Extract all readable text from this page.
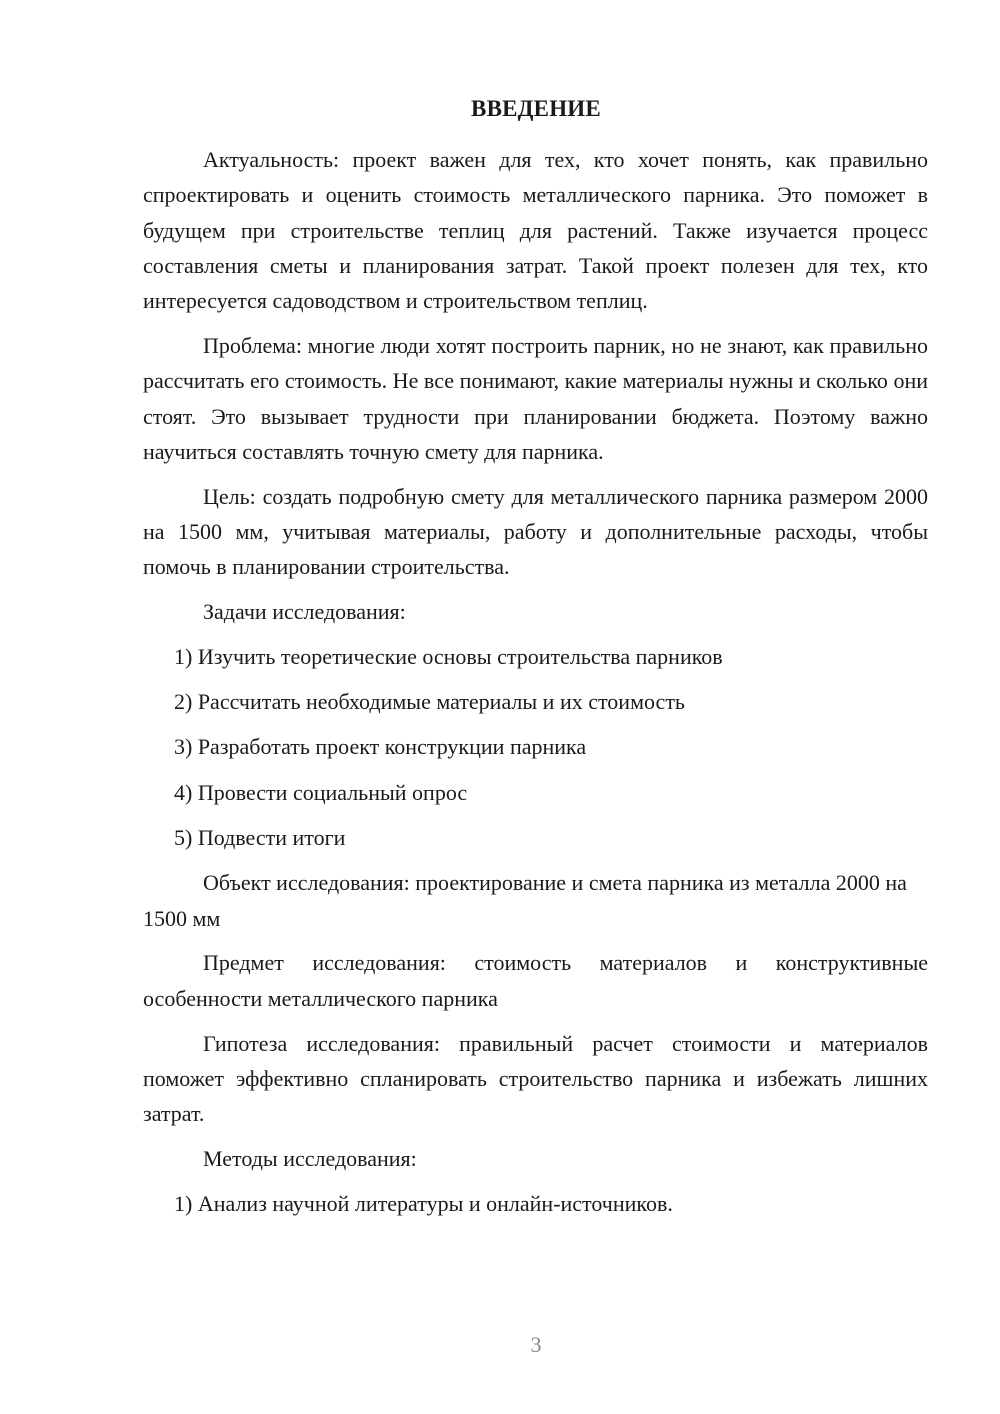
ВВЕДЕНИЕ

Актуальность: проект важен для тех, кто хочет понять, как правильно спроектировать и оценить стоимость металлического парника. Это поможет в будущем при строительстве теплиц для растений. Также изучается процесс составления сметы и планирования затрат. Такой проект полезен для тех, кто интересуется садоводством и строительством теплиц.

Проблема: многие люди хотят построить парник, но не знают, как правильно рассчитать его стоимость. Не все понимают, какие материалы нужны и сколько они стоят. Это вызывает трудности при планировании бюджета. Поэтому важно научиться составлять точную смету для парника.

Цель: создать подробную смету для металлического парника размером 2000 на 1500 мм, учитывая материалы, работу и дополнительные расходы, чтобы помочь в планировании строительства.

Задачи исследования:

1) Изучить теоретические основы строительства парников

2) Рассчитать необходимые материалы и их стоимость

3) Разработать проект конструкции парника

4) Провести социальный опрос

5) Подвести итоги

Объект исследования: проектирование и смета парника из металла 2000 на 1500 мм

Предмет исследования: стоимость материалов и конструктивные особенности металлического парника

Гипотеза исследования: правильный расчет стоимости и материалов поможет эффективно спланировать строительство парника и избежать лишних затрат.

Методы исследования:

1) Анализ научной литературы и онлайн-источников.

3
